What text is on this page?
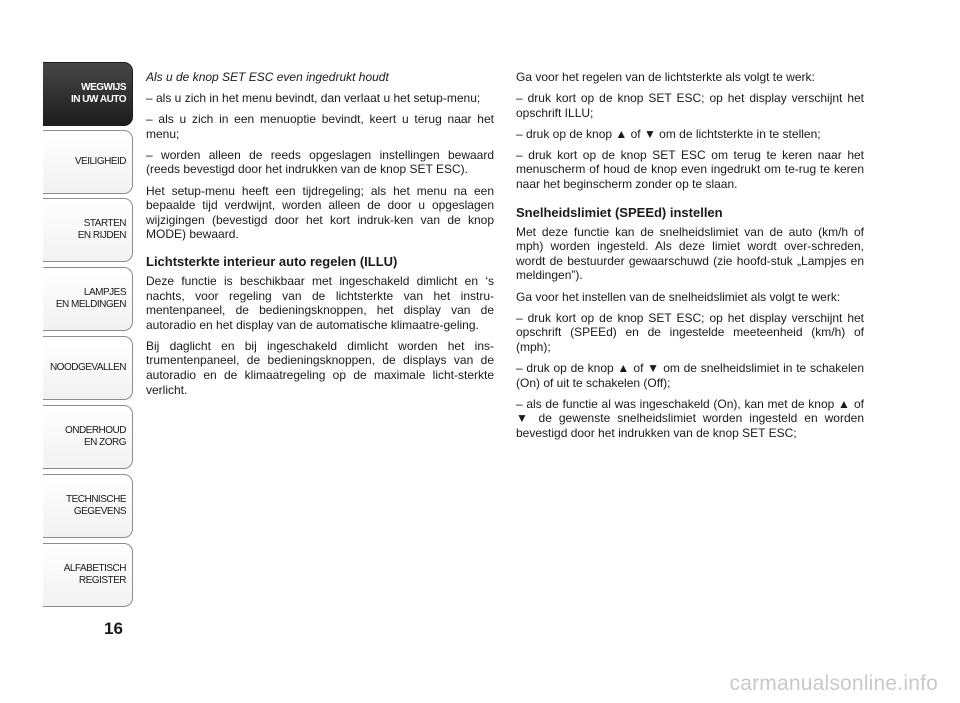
WEGWIJS
IN UW AUTO
VEILIGHEID
STARTEN
EN RIJDEN
LAMPJES
EN MELDINGEN
NOODGEVALLEN
ONDERHOUD
EN ZORG
TECHNISCHE
GEGEVENS
ALFABETISCH
REGISTER
16

Als u de knop SET ESC even ingedrukt houdt

– als u zich in het menu bevindt, dan verlaat u het setup-menu;

– als u zich in een menuoptie bevindt, keert u terug naar het menu;

– worden alleen de reeds opgeslagen instellingen bewaard (reeds bevestigd door het indrukken van de knop SET ESC).

Het setup-menu heeft een tijdregeling; als het menu na een bepaalde tijd verdwijnt, worden alleen de door u opgeslagen wijzigingen (bevestigd door het kort indruk-ken van de knop MODE) bewaard.

Lichtsterkte interieur auto regelen (ILLU)

Deze functie is beschikbaar met ingeschakeld dimlicht en ‘s nachts, voor regeling van de lichtsterkte van het instru-mentenpaneel, de bedieningsknoppen, het display van de autoradio en het display van de automatische klimaatre-geling.

Bij daglicht en bij ingeschakeld dimlicht worden het ins-trumentenpaneel, de bedieningsknoppen, de displays van de autoradio en de klimaatregeling op de maximale licht-sterkte verlicht.

Ga voor het regelen van de lichtsterkte als volgt te werk:

– druk kort op de knop SET ESC; op het display verschijnt het opschrift ILLU;

– druk op de knop ▲ of ▼ om de lichtsterkte in te stellen;

– druk kort op de knop SET ESC om terug te keren naar het menuscherm of houd de knop even ingedrukt om te-rug te keren naar het beginscherm zonder op te slaan.

Snelheidslimiet (SPEEd) instellen

Met deze functie kan de snelheidslimiet van de auto (km/h of mph) worden ingesteld. Als deze limiet wordt over-schreden, wordt de bestuurder gewaarschuwd (zie hoofd-stuk „Lampjes en meldingen”).

Ga voor het instellen van de snelheidslimiet als volgt te werk:

– druk kort op de knop SET ESC; op het display verschijnt het opschrift (SPEEd) en de ingestelde meeteenheid (km/h) of (mph);

– druk op de knop ▲ of ▼ om de snelheidslimiet in te schakelen (On) of uit te schakelen (Off);

– als de functie al was ingeschakeld (On), kan met de knop ▲ of ▼ de gewenste snelheidslimiet worden ingesteld en worden bevestigd door het indrukken van de knop SET ESC;

carmanualsonline.info
